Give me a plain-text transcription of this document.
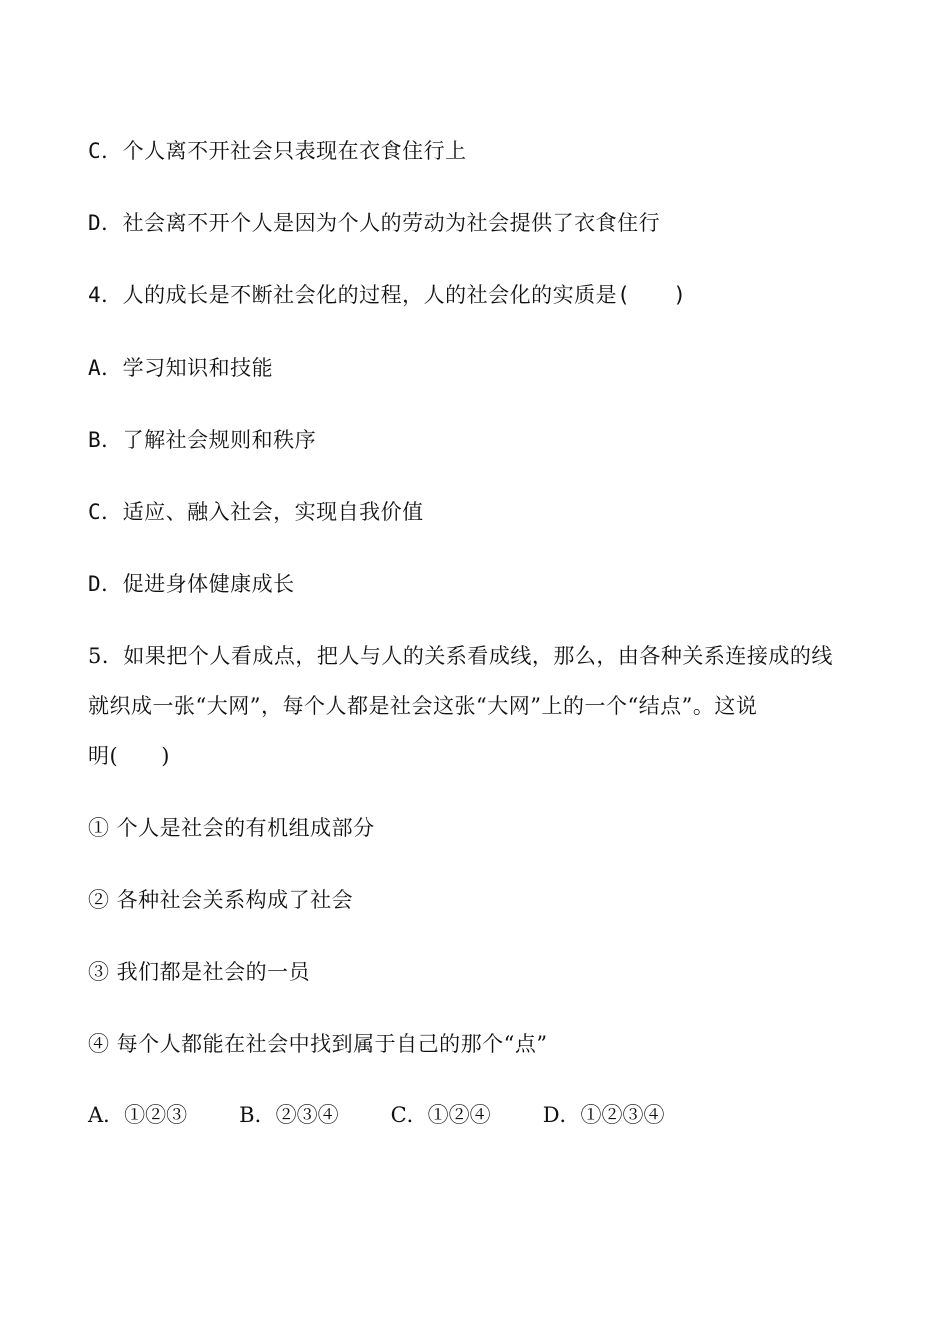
C．个人离不开社会只表现在衣食住行上
D．社会离不开个人是因为个人的劳动为社会提供了衣食住行
4．人的成长是不断社会化的过程，人的社会化的实质是(　　)
A．学习知识和技能
B．了解社会规则和秩序
C．适应、融入社会，实现自我价值
D．促进身体健康成长
5．如果把个人看成点，把人与人的关系看成线，那么，由各种关系连接成的线
就织成一张“大网”，每个人都是社会这张“大网”上的一个“结点”。这说
明(　　)
① 个人是社会的有机组成部分
② 各种社会关系构成了社会
③ 我们都是社会的一员
④ 每个人都能在社会中找到属于自己的那个“点”
A．①②③ B．②③④ C．①②④ D．①②③④
